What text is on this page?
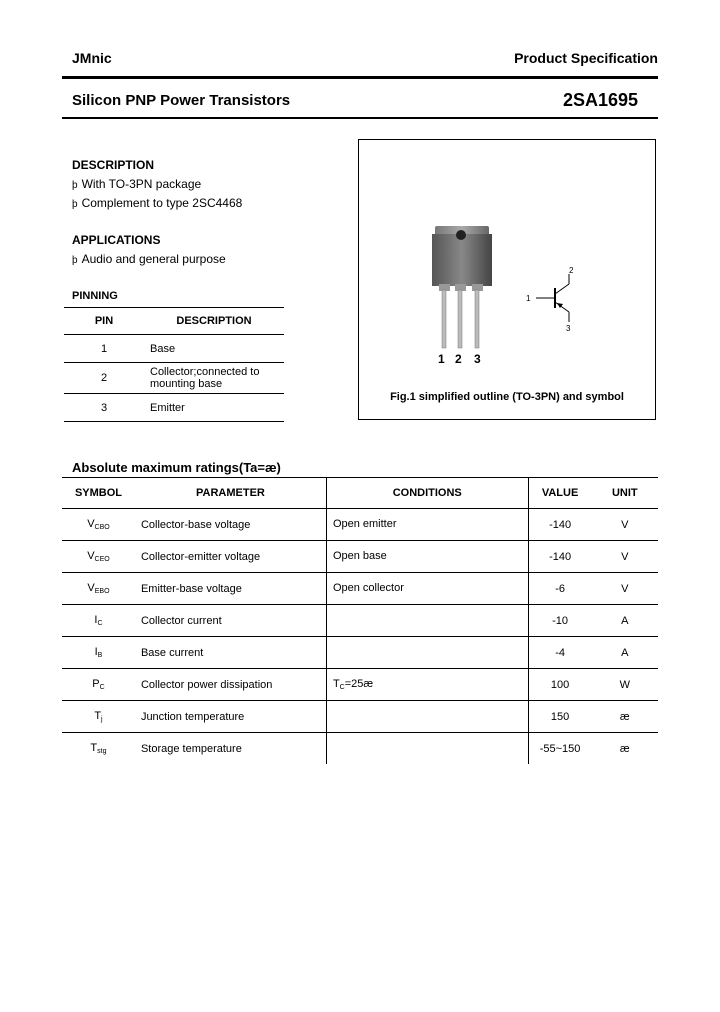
JMnic	Product Specification
Silicon PNP Power Transistors	2SA1695
DESCRIPTION
þ With TO-3PN package
þ Complement to type 2SC4468
APPLICATIONS
þ Audio and general purpose
PINNING
PIN	DESCRIPTION
1	Base
2	Collector;connected to mounting base
3	Emitter
1 2 3
1
2
3
Fig.1 simplified outline (TO-3PN) and symbol
Absolute maximum ratings(Ta=æ)
SYMBOL	PARAMETER	CONDITIONS	VALUE	UNIT
$V_{CBO}$	Collector-base voltage	Open emitter	-140	V
$V_{CEO}$	Collector-emitter voltage	Open base	-140	V
$V_{EBO}$	Emitter-base voltage	Open collector	-6	V
$I_C$	Collector current		-10	A
$I_B$	Base current		-4	A
$P_C$	Collector power dissipation	$T_C=25æ$	100	W
$T_j$	Junction temperature		150	æ
$T_{stg}$	Storage temperature		-55~150	æ
